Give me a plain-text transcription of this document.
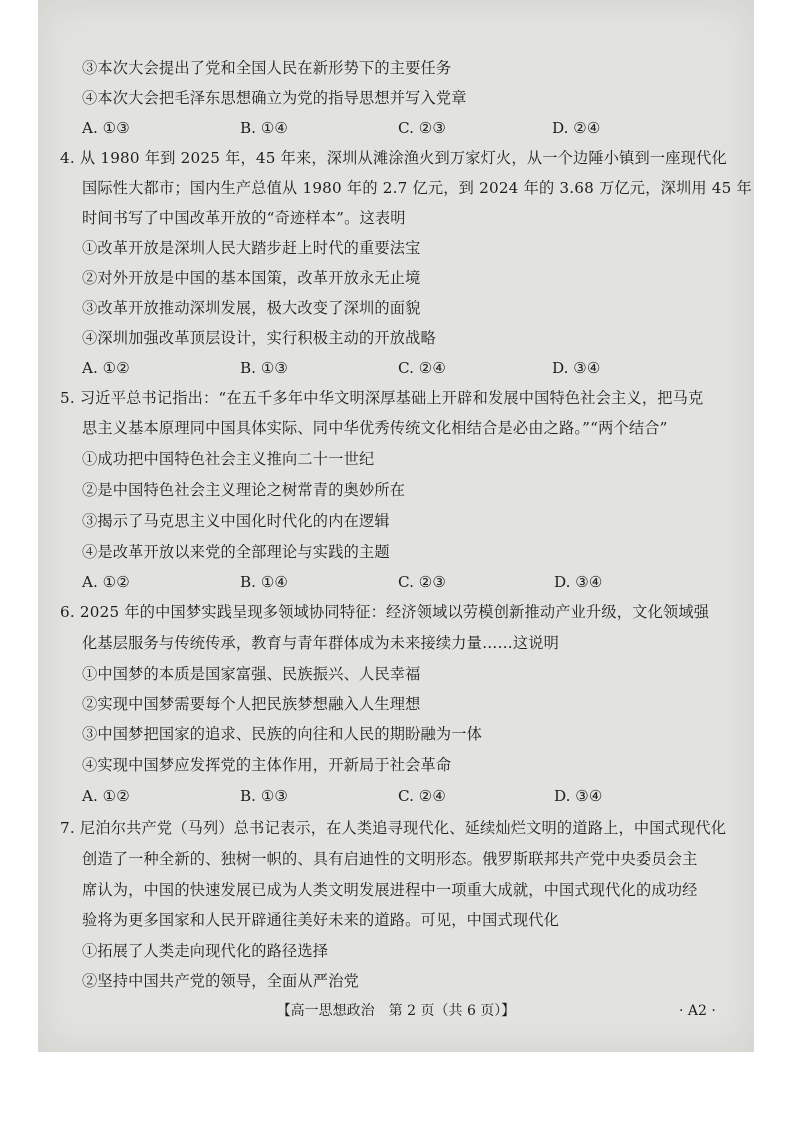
③本次大会提出了党和全国人民在新形势下的主要任务
④本次大会把毛泽东思想确立为党的指导思想并写入党章
A. ①③	B. ①④	C. ②③	D. ②④
4. 从 1980 年到 2025 年，45 年来，深圳从滩涂渔火到万家灯火，从一个边陲小镇到一座现代化
国际性大都市；国内生产总值从 1980 年的 2.7 亿元，到 2024 年的 3.68 万亿元，深圳用 45 年
时间书写了中国改革开放的“奇迹样本”。这表明
①改革开放是深圳人民大踏步赶上时代的重要法宝
②对外开放是中国的基本国策，改革开放永无止境
③改革开放推动深圳发展，极大改变了深圳的面貌
④深圳加强改革顶层设计，实行积极主动的开放战略
A. ①②	B. ①③	C. ②④	D. ③④
5. 习近平总书记指出：“在五千多年中华文明深厚基础上开辟和发展中国特色社会主义，把马克
思主义基本原理同中国具体实际、同中华优秀传统文化相结合是必由之路。”“两个结合”
①成功把中国特色社会主义推向二十一世纪
②是中国特色社会主义理论之树常青的奥妙所在
③揭示了马克思主义中国化时代化的内在逻辑
④是改革开放以来党的全部理论与实践的主题
A. ①②	B. ①④	C. ②③	D. ③④
6. 2025 年的中国梦实践呈现多领域协同特征：经济领域以劳模创新推动产业升级，文化领域强
化基层服务与传统传承，教育与青年群体成为未来接续力量……这说明
①中国梦的本质是国家富强、民族振兴、人民幸福
②实现中国梦需要每个人把民族梦想融入人生理想
③中国梦把国家的追求、民族的向往和人民的期盼融为一体
④实现中国梦应发挥党的主体作用，开新局于社会革命
A. ①②	B. ①③	C. ②④	D. ③④
7. 尼泊尔共产党（马列）总书记表示，在人类追寻现代化、延续灿烂文明的道路上，中国式现代化
创造了一种全新的、独树一帜的、具有启迪性的文明形态。俄罗斯联邦共产党中央委员会主
席认为，中国的快速发展已成为人类文明发展进程中一项重大成就，中国式现代化的成功经
验将为更多国家和人民开辟通往美好未来的道路。可见，中国式现代化
①拓展了人类走向现代化的路径选择
②坚持中国共产党的领导，全面从严治党
【高一思想政治　第 2 页（共 6 页）】	· A2 ·
